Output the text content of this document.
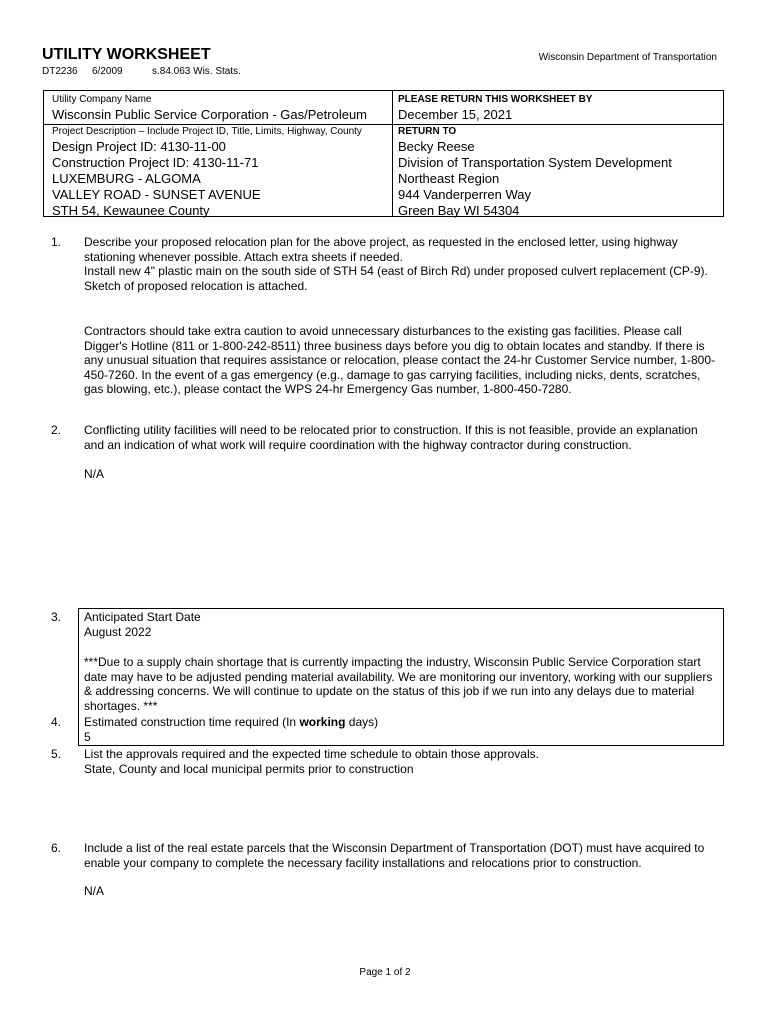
UTILITY WORKSHEET	Wisconsin Department of Transportation
DT2236 6/2009	s.84.063 Wis. Stats.
Utility Company Name
Wisconsin Public Service Corporation - Gas/Petroleum
PLEASE RETURN THIS WORKSHEET BY
December 15, 2021
Project Description – Include Project ID, Title, Limits, Highway, County
Design Project ID: 4130-11-00
Construction Project ID: 4130-11-71
LUXEMBURG - ALGOMA
VALLEY ROAD - SUNSET AVENUE
STH 54, Kewaunee County
RETURN TO
Becky Reese
Division of Transportation System Development
Northeast Region
944 Vanderperren Way
Green Bay WI 54304
1. Describe your proposed relocation plan for the above project, as requested in the enclosed letter, using highway stationing whenever possible. Attach extra sheets if needed.
Install new 4" plastic main on the south side of STH 54 (east of Birch Rd) under proposed culvert replacement (CP-9). Sketch of proposed relocation is attached.
Contractors should take extra caution to avoid unnecessary disturbances to the existing gas facilities. Please call Digger's Hotline (811 or 1-800-242-8511) three business days before you dig to obtain locates and standby. If there is any unusual situation that requires assistance or relocation, please contact the 24-hr Customer Service number, 1-800-450-7260. In the event of a gas emergency (e.g., damage to gas carrying facilities, including nicks, dents, scratches, gas blowing, etc.), please contact the WPS 24-hr Emergency Gas number, 1-800-450-7280.
2. Conflicting utility facilities will need to be relocated prior to construction. If this is not feasible, provide an explanation and an indication of what work will require coordination with the highway contractor during construction.
N/A
3. Anticipated Start Date
August 2022
***Due to a supply chain shortage that is currently impacting the industry, Wisconsin Public Service Corporation start date may have to be adjusted pending material availability. We are monitoring our inventory, working with our suppliers & addressing concerns. We will continue to update on the status of this job if we run into any delays due to material shortages. ***
4. Estimated construction time required (In working days)
5
5. List the approvals required and the expected time schedule to obtain those approvals.
State, County and local municipal permits prior to construction
6. Include a list of the real estate parcels that the Wisconsin Department of Transportation (DOT) must have acquired to enable your company to complete the necessary facility installations and relocations prior to construction.
N/A
Page 1 of 2
